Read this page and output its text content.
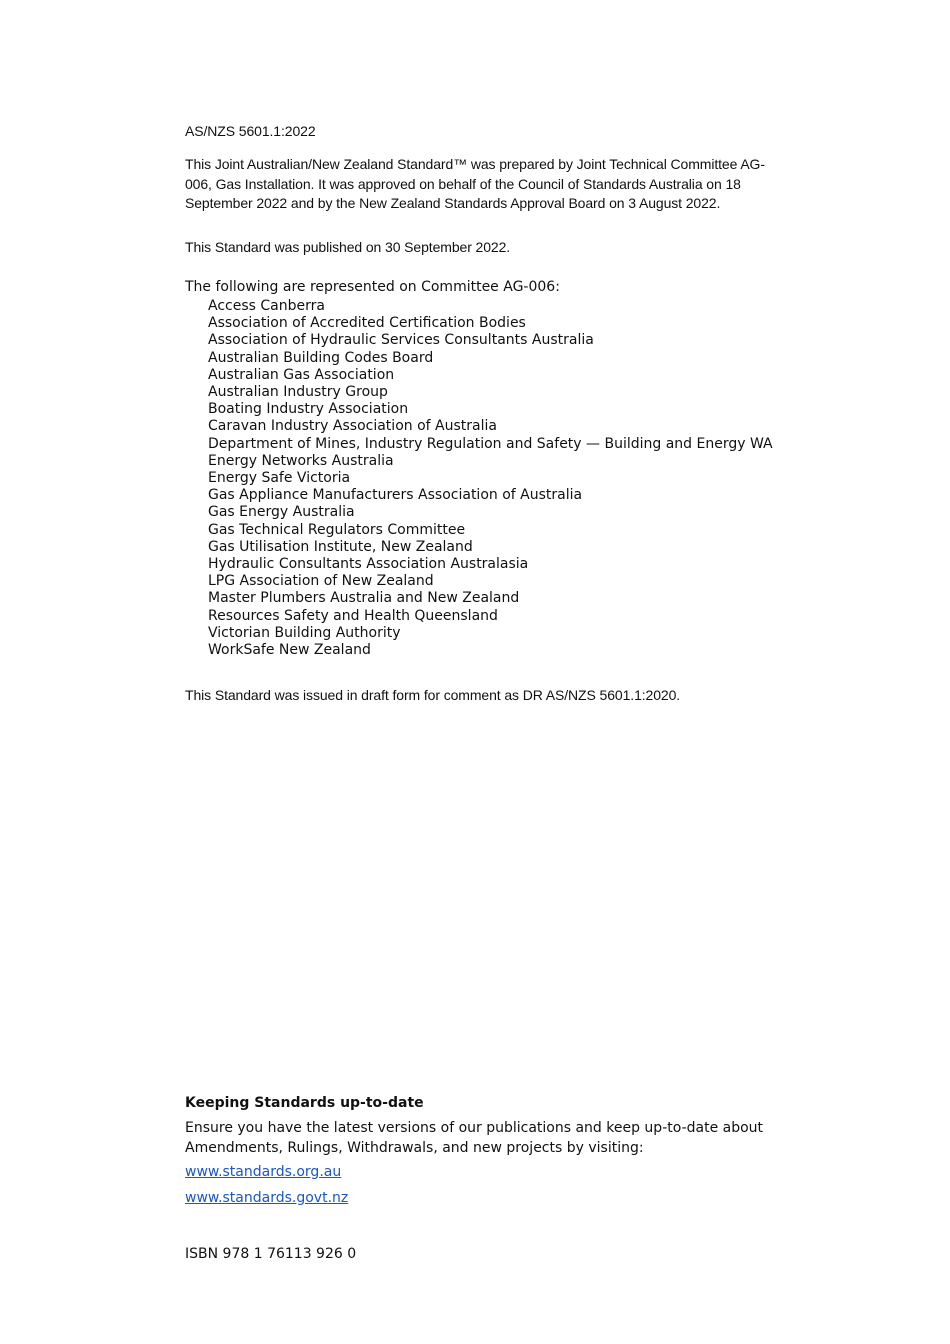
AS/NZS 5601.1:2022

This Joint Australian/New Zealand Standard™ was prepared by Joint Technical Committee AG-006, Gas Installation. It was approved on behalf of the Council of Standards Australia on 18 September 2022 and by the New Zealand Standards Approval Board on 3 August 2022.

This Standard was published on 30 September 2022.

The following are represented on Committee AG-006:

Access Canberra
Association of Accredited Certification Bodies
Association of Hydraulic Services Consultants Australia
Australian Building Codes Board
Australian Gas Association
Australian Industry Group
Boating Industry Association
Caravan Industry Association of Australia
Department of Mines, Industry Regulation and Safety — Building and Energy WA
Energy Networks Australia
Energy Safe Victoria
Gas Appliance Manufacturers Association of Australia
Gas Energy Australia
Gas Technical Regulators Committee
Gas Utilisation Institute, New Zealand
Hydraulic Consultants Association Australasia
LPG Association of New Zealand
Master Plumbers Australia and New Zealand
Resources Safety and Health Queensland
Victorian Building Authority
WorkSafe New Zealand

This Standard was issued in draft form for comment as DR AS/NZS 5601.1:2020.

Keeping Standards up-to-date

Ensure you have the latest versions of our publications and keep up-to-date about Amendments, Rulings, Withdrawals, and new projects by visiting:

www.standards.org.au
www.standards.govt.nz

ISBN 978 1 76113 926 0
